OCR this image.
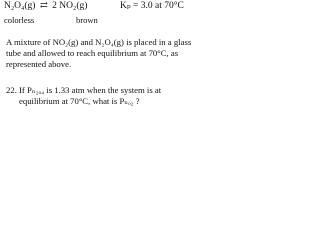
N₂O₄(g) ⇄ 2 NO₂(g)	Kₚ = 3.0 at 70°C
colorless	brown
A mixture of NO₂(g) and N₂O₄(g) is placed in a glass tube and allowed to reach equilibrium at 70°C, as represented above.
22. If Pₙ₂ₒ₄ is 1.33 atm when the system is at
equilibrium at 70°C, what is Pₙₒ₂ ?
